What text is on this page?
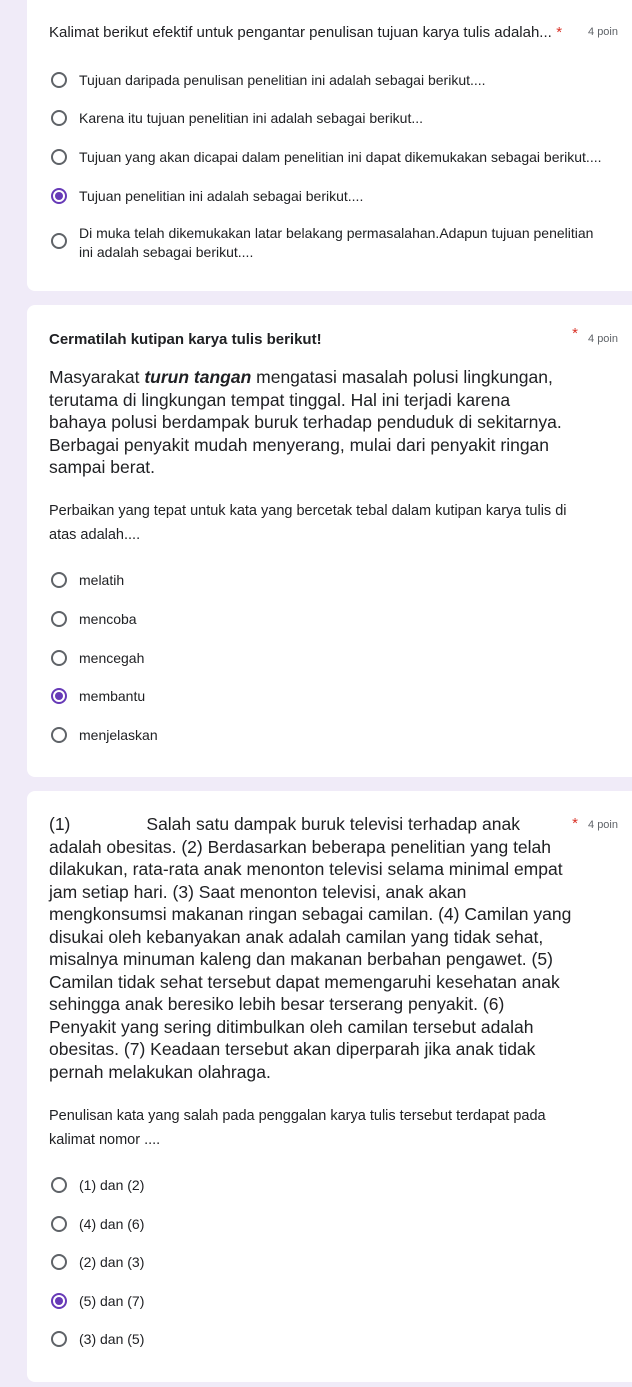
Kalimat berikut efektif untuk pengantar penulisan tujuan karya tulis adalah... * 4 poin
Tujuan daripada penulisan penelitian ini adalah sebagai berikut....
Karena itu tujuan penelitian ini adalah sebagai berikut...
Tujuan yang akan dicapai dalam penelitian ini dapat dikemukakan sebagai berikut....
Tujuan penelitian ini adalah sebagai berikut....
Di muka telah dikemukakan latar belakang permasalahan.Adapun tujuan penelitian ini adalah sebagai berikut....
Cermatilah kutipan karya tulis berikut!	* 4 poin
Masyarakat turun tangan mengatasi masalah polusi lingkungan, terutama di lingkungan tempat tinggal. Hal ini terjadi karena bahaya polusi berdampak buruk terhadap penduduk di sekitarnya. Berbagai penyakit mudah menyerang, mulai dari penyakit ringan sampai berat.
Perbaikan yang tepat untuk kata yang bercetak tebal dalam kutipan karya tulis di atas adalah....
melatih
mencoba
mencegah
membantu
menjelaskan
(1)	Salah satu dampak buruk televisi terhadap anak adalah obesitas. (2) Berdasarkan beberapa penelitian yang telah dilakukan, rata-rata anak menonton televisi selama minimal empat jam setiap hari. (3) Saat menonton televisi, anak akan mengkonsumsi makanan ringan sebagai camilan. (4) Camilan yang disukai oleh kebanyakan anak adalah camilan yang tidak sehat, misalnya minuman kaleng dan makanan berbahan pengawet. (5) Camilan tidak sehat tersebut dapat memengaruhi kesehatan anak sehingga anak beresiko lebih besar terserang penyakit. (6) Penyakit yang sering ditimbulkan oleh camilan tersebut adalah obesitas. (7) Keadaan tersebut akan diperparah jika anak tidak pernah melakukan olahraga.
* 4 poin
Penulisan kata yang salah pada penggalan karya tulis tersebut terdapat pada kalimat nomor ....
(1) dan (2)
(4) dan (6)
(2) dan (3)
(5) dan (7)
(3) dan (5)
